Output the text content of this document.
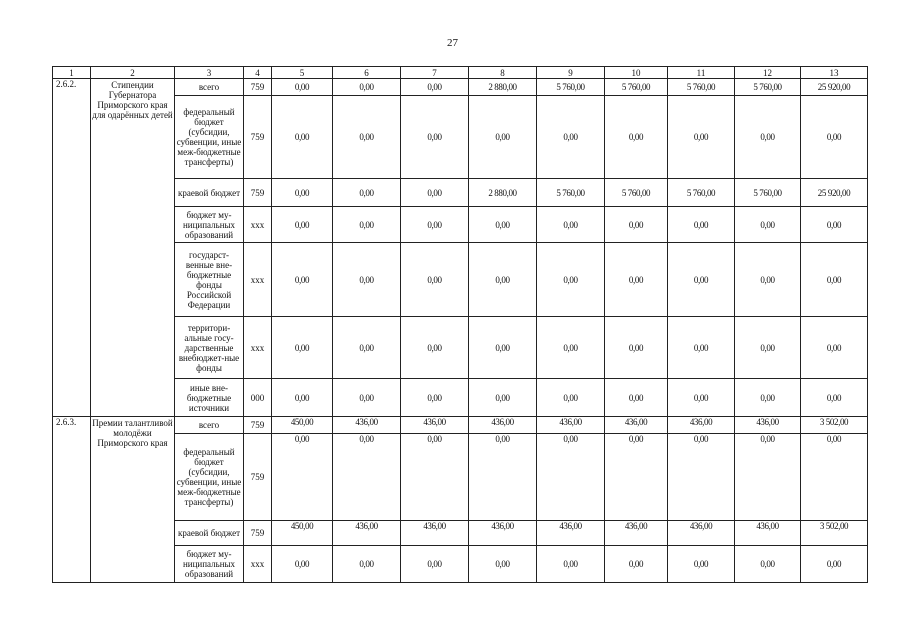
27
1	2	3	4	5	6	7	8	9	10	11	12	13
2.6.2.	Стипендии Губернатора Приморского края для одарённых детей	всего	759	0,00	0,00	0,00	2 880,00	5 760,00	5 760,00	5 760,00	5 760,00	25 920,00
		федеральный бюджет (субсидии, субвенции, иные меж-бюджетные трансферты)	759	0,00	0,00	0,00	0,00	0,00	0,00	0,00	0,00	0,00
		краевой бюджет	759	0,00	0,00	0,00	2 880,00	5 760,00	5 760,00	5 760,00	5 760,00	25 920,00
		бюджет му-ниципальных образований	xxx	0,00	0,00	0,00	0,00	0,00	0,00	0,00	0,00	0,00
		государст-венные вне-бюджетные фонды Российской Федерации	xxx	0,00	0,00	0,00	0,00	0,00	0,00	0,00	0,00	0,00
		территори-альные госу-дарственные внебюджет-ные фонды	xxx	0,00	0,00	0,00	0,00	0,00	0,00	0,00	0,00	0,00
		иные вне-бюджетные источники	000	0,00	0,00	0,00	0,00	0,00	0,00	0,00	0,00	0,00
2.6.3.	Премии талантливой молодёжи Приморского края	всего	759	450,00	436,00	436,00	436,00	436,00	436,00	436,00	436,00	3 502,00
		федеральный бюджет (субсидии, субвенции, иные меж-бюджетные трансферты)	759	0,00	0,00	0,00	0,00	0,00	0,00	0,00	0,00	0,00
		краевой бюджет	759	450,00	436,00	436,00	436,00	436,00	436,00	436,00	436,00	3 502,00
		бюджет му-ниципальных образований	xxx	0,00	0,00	0,00	0,00	0,00	0,00	0,00	0,00	0,00
